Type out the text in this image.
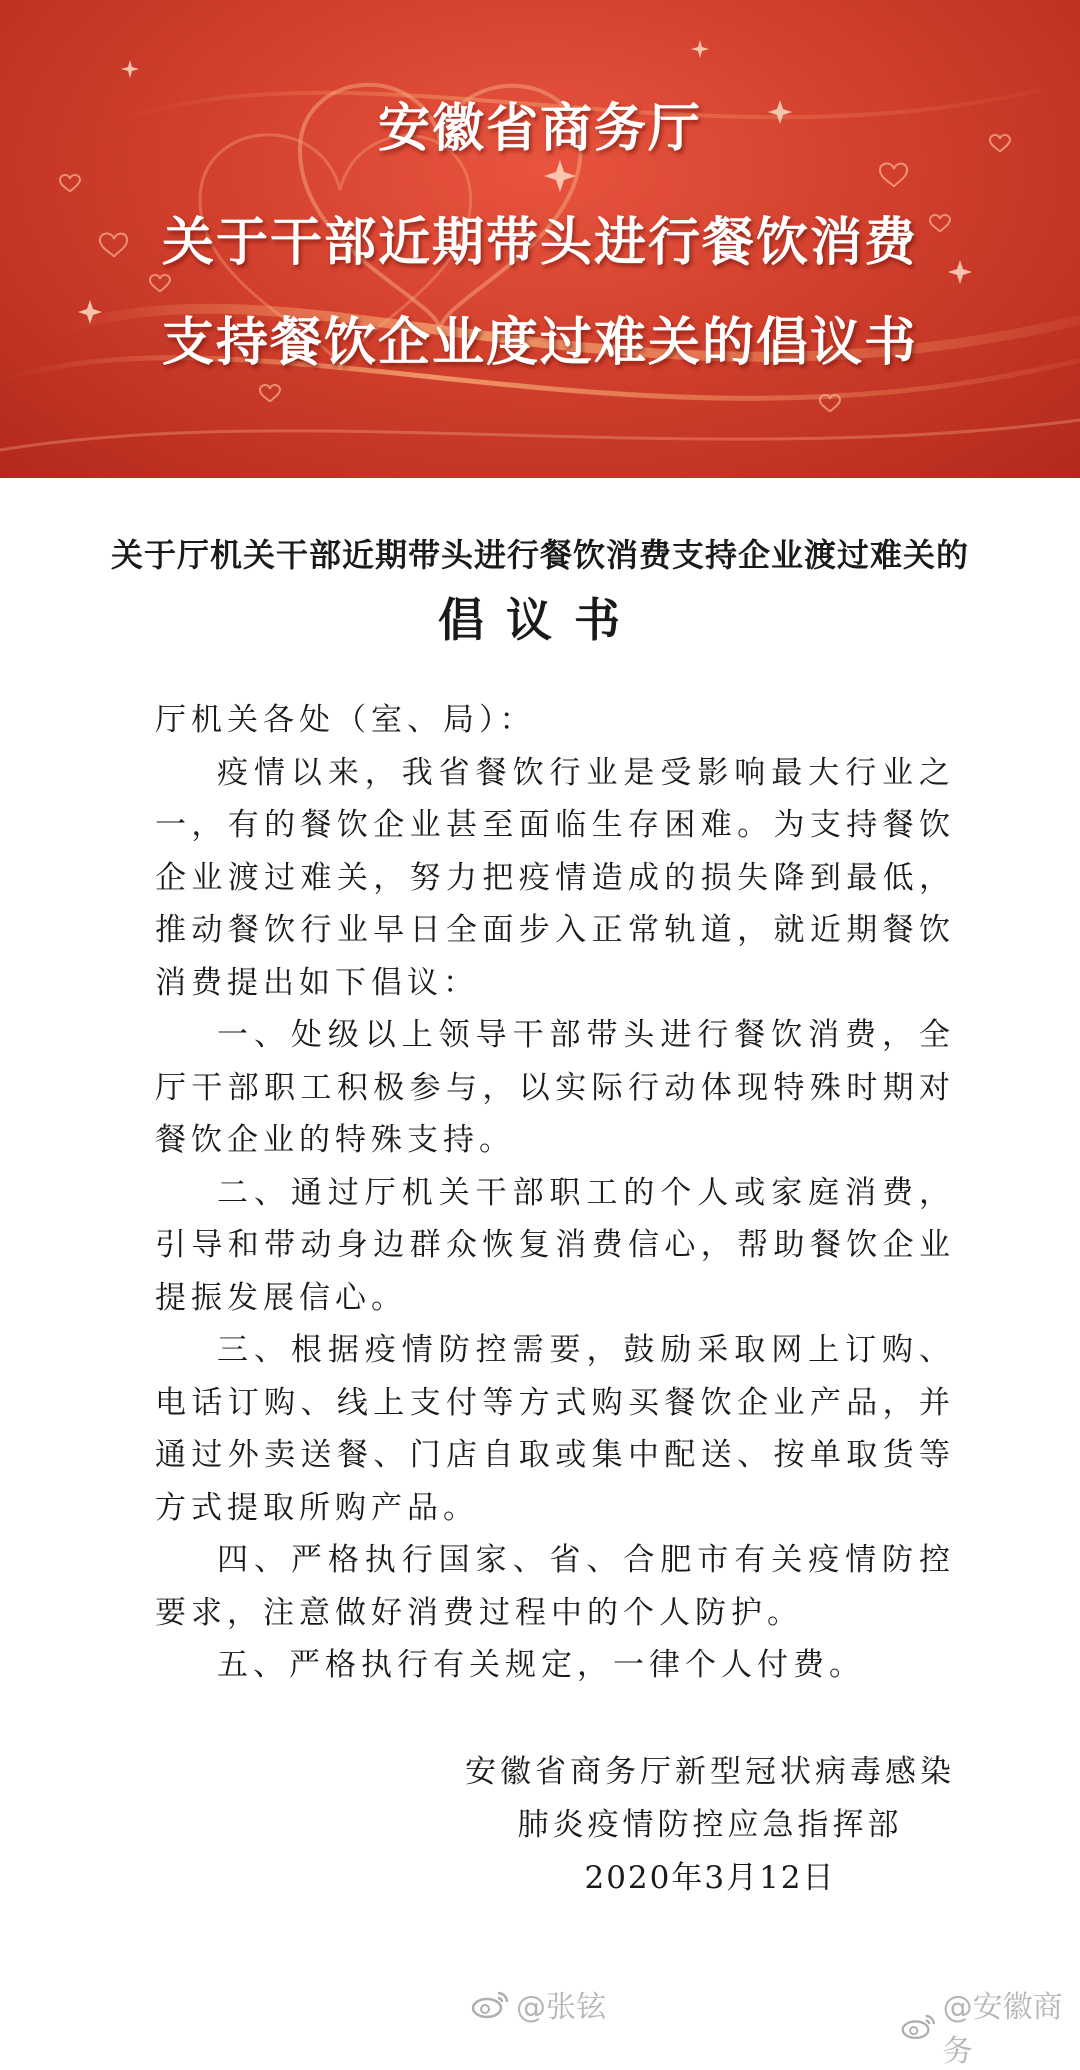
安徽省商务厅
关于干部近期带头进行餐饮消费
支持餐饮企业度过难关的倡议书
关于厅机关干部近期带头进行餐饮消费支持企业渡过难关的
倡议书

厅机关各处（室、局）：

疫情以来，我省餐饮行业是受影响最大行业之一，有的餐饮企业甚至面临生存困难。为支持餐饮企业渡过难关，努力把疫情造成的损失降到最低，推动餐饮行业早日全面步入正常轨道，就近期餐饮消费提出如下倡议：

一、处级以上领导干部带头进行餐饮消费，全厅干部职工积极参与，以实际行动体现特殊时期对餐饮企业的特殊支持。

二、通过厅机关干部职工的个人或家庭消费，引导和带动身边群众恢复消费信心，帮助餐饮企业提振发展信心。

三、根据疫情防控需要，鼓励采取网上订购、电话订购、线上支付等方式购买餐饮企业产品，并通过外卖送餐、门店自取或集中配送、按单取货等方式提取所购产品。

四、严格执行国家、省、合肥市有关疫情防控要求，注意做好消费过程中的个人防护。

五、严格执行有关规定，一律个人付费。

安徽省商务厅新型冠状病毒感染
肺炎疫情防控应急指挥部
2020年3月12日
@张铉	@安徽商务
